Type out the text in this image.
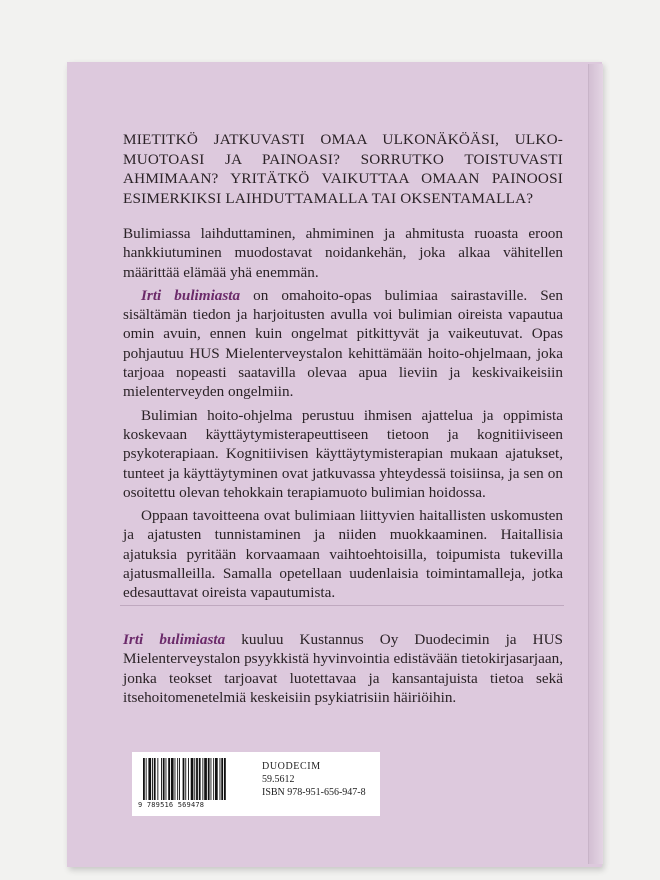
MIETITKÖ JATKUVASTI OMAA ULKONÄKÖÄSI, ULKO-MUOTOASI JA PAINOASI? SORRUTKO TOISTUVASTI AHMIMAAN? YRITÄTKÖ VAIKUTTAA OMAAN PAINOOSI ESIMERKIKSI LAIHDUTTAMALLA TAI OKSENTAMALLA?

Bulimiassa laihduttaminen, ahmiminen ja ahmitusta ruoasta eroon hankkiutuminen muodostavat noidankehän, joka alkaa vähitellen määrittää elämää yhä enemmän.

Irti bulimiasta on omahoito-opas bulimiaa sairastaville. Sen sisältämän tiedon ja harjoitusten avulla voi bulimian oireista vapautua omin avuin, ennen kuin ongelmat pitkittyvät ja vaikeutuvat. Opas pohjautuu HUS Mielenterveystalon kehittämään hoito-ohjelmaan, joka tarjoaa nopeasti saatavilla olevaa apua lieviin ja keskivaikeisiin mielenterveyden ongelmiin.

Bulimian hoito-ohjelma perustuu ihmisen ajattelua ja oppimista koskevaan käyttäytymisterapeuttiseen tietoon ja kognitiiviseen psykoterapiaan. Kognitiivisen käyttäytymisterapian mukaan ajatukset, tunteet ja käyttäytyminen ovat jatkuvassa yhteydessä toisiinsa, ja sen on osoitettu olevan tehokkain terapiamuoto bulimian hoidossa.

Oppaan tavoitteena ovat bulimiaan liittyvien haitallisten uskomusten ja ajatusten tunnistaminen ja niiden muokkaaminen. Haitallisia ajatuksia pyritään korvaamaan vaihtoehtoisilla, toipumista tukevilla ajatusmalleilla. Samalla opetellaan uudenlaisia toimintamalleja, jotka edesauttavat oireista vapautumista.

Irti bulimiasta kuuluu Kustannus Oy Duodecimin ja HUS Mielenterveystalon psyykkistä hyvinvointia edistävään tietokirjasarjaan, jonka teokset tarjoavat luotettavaa ja kansantajuista tietoa sekä itsehoitomenetelmiä keskeisiin psykiatrisiin häiriöihin.

9 789516 569478
DUODECIM
59.5612
ISBN 978-951-656-947-8
